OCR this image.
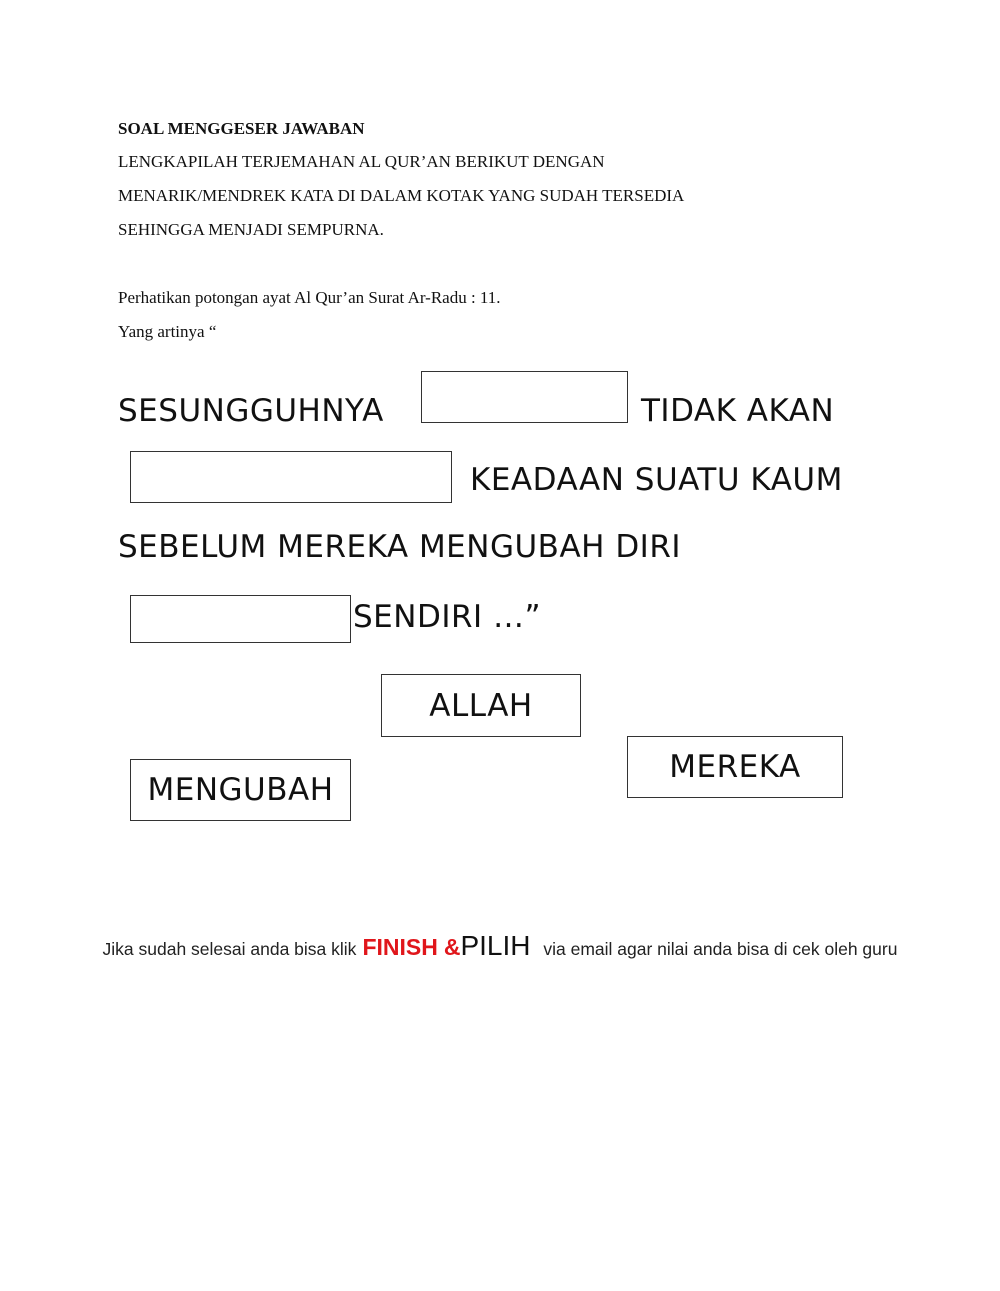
SOAL MENGGESER JAWABAN

LENGKAPILAH TERJEMAHAN AL QUR’AN BERIKUT DENGAN

MENARIK/MENDREK KATA DI DALAM KOTAK YANG SUDAH TERSEDIA

SEHINGGA MENJADI SEMPURNA.

Perhatikan potongan ayat Al Qur’an Surat Ar-Radu : 11.

Yang artinya “

SESUNGGUHNYA	TIDAK AKAN
KEADAAN SUATU KAUM
SEBELUM MEREKA MENGUBAH DIRI
SENDIRI …”
ALLAH
MEREKA
MENGUBAH
Jika sudah selesai anda bisa klik FINISH &PILIH via email agar nilai anda bisa di cek oleh guru
